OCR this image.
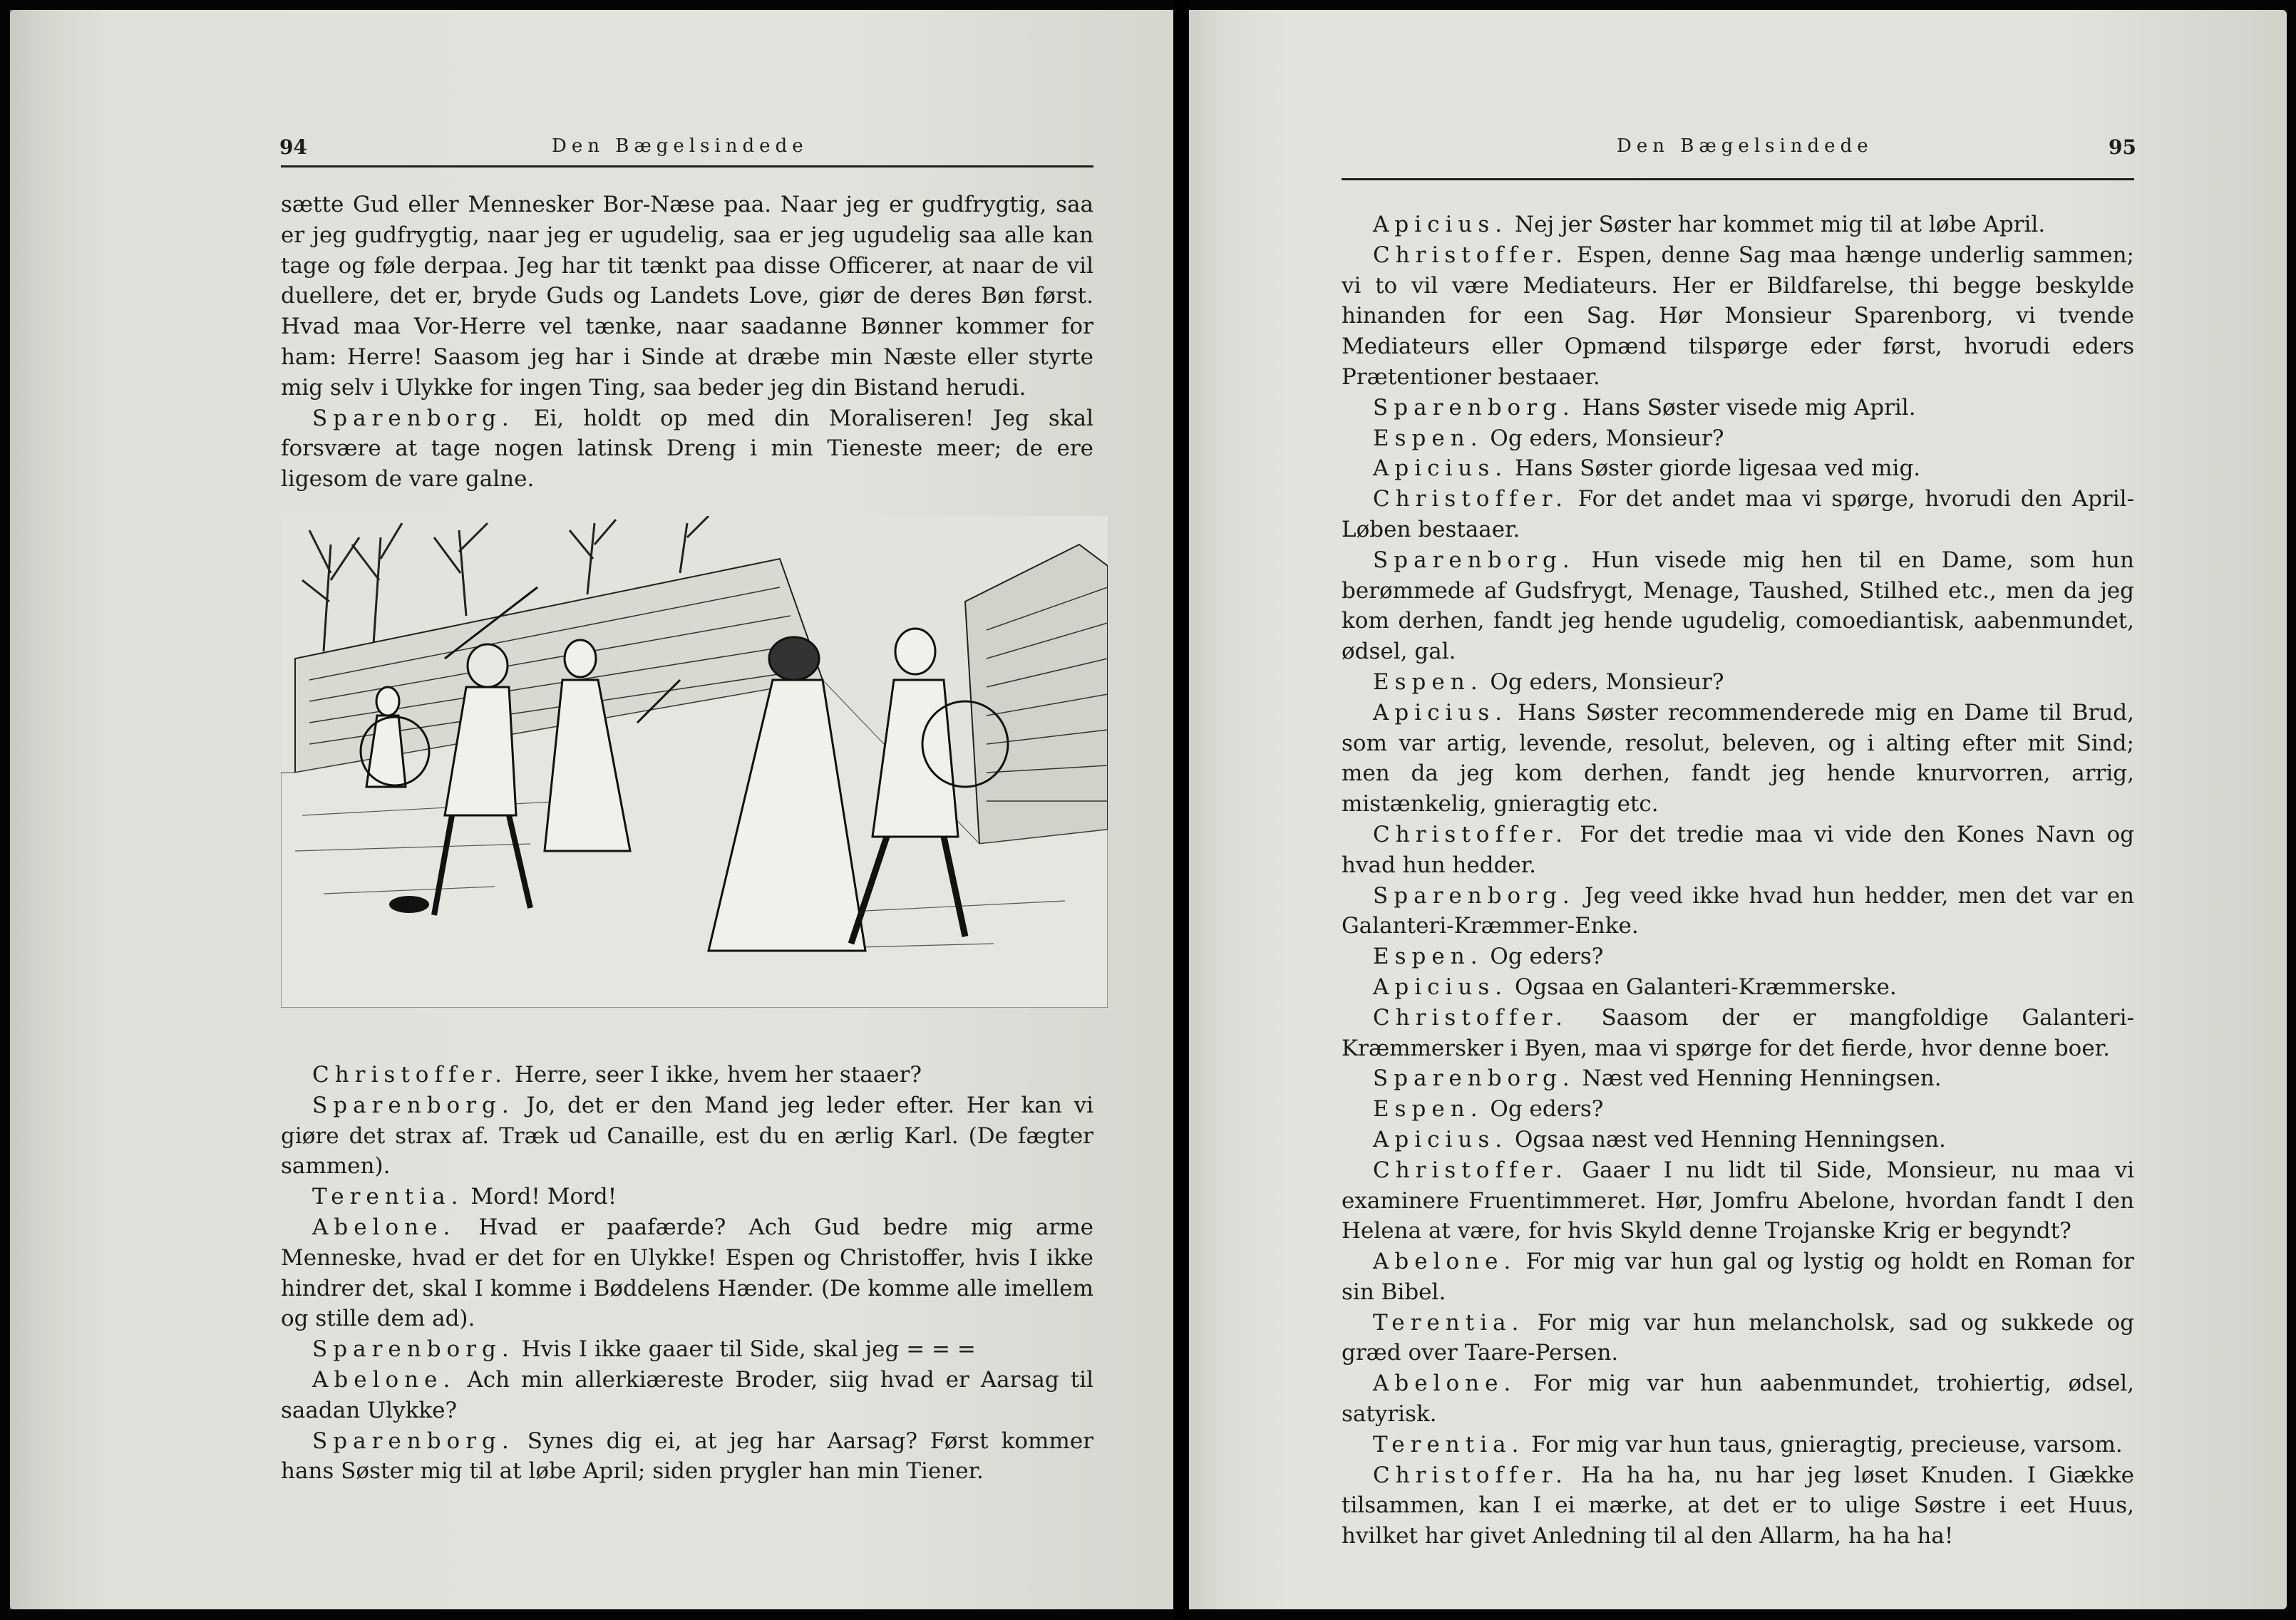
94	Den Bægelsindede

sætte Gud eller Mennesker Bor-Næse paa. Naar jeg er gudfrygtig, saa er jeg gudfrygtig, naar jeg er ugudelig, saa er jeg ugudelig saa alle kan tage og føle derpaa. Jeg har tit tænkt paa disse Officerer, at naar de vil duellere, det er, bryde Guds og Landets Love, giør de deres Bøn først. Hvad maa Vor-Herre vel tænke, naar saadanne Bønner kommer for ham: Herre! Saasom jeg har i Sinde at dræbe min Næste eller styrte mig selv i Ulykke for ingen Ting, saa beder jeg din Bistand herudi.

Sparenborg. Ei, holdt op med din Moraliseren! Jeg skal forsvære at tage nogen latinsk Dreng i min Tieneste meer; de ere ligesom de vare galne.

Christoffer. Herre, seer I ikke, hvem her staaer?

Sparenborg. Jo, det er den Mand jeg leder efter. Her kan vi giøre det strax af. Træk ud Canaille, est du en ærlig Karl. (De fægter sammen).

Terentia. Mord! Mord!

Abelone. Hvad er paafærde? Ach Gud bedre mig arme Menneske, hvad er det for en Ulykke! Espen og Christoffer, hvis I ikke hindrer det, skal I komme i Bøddelens Hænder. (De komme alle imellem og stille dem ad).

Sparenborg. Hvis I ikke gaaer til Side, skal jeg = = =

Abelone. Ach min allerkiæreste Broder, siig hvad er Aarsag til saadan Ulykke?

Sparenborg. Synes dig ei, at jeg har Aarsag? Først kommer hans Søster mig til at løbe April; siden prygler han min Tiener.

Den Bægelsindede	95

Apicius. Nej jer Søster har kommet mig til at løbe April.

Christoffer. Espen, denne Sag maa hænge underlig sammen; vi to vil være Mediateurs. Her er Bildfarelse, thi begge beskylde hinanden for een Sag. Hør Monsieur Sparenborg, vi tvende Mediateurs eller Opmænd tilspørge eder først, hvorudi eders Prætentioner bestaaer.

Sparenborg. Hans Søster visede mig April.

Espen. Og eders, Monsieur?

Apicius. Hans Søster giorde ligesaa ved mig.

Christoffer. For det andet maa vi spørge, hvorudi den April-Løben bestaaer.

Sparenborg. Hun visede mig hen til en Dame, som hun berømmede af Gudsfrygt, Menage, Taushed, Stilhed etc., men da jeg kom derhen, fandt jeg hende ugudelig, comoediantisk, aabenmundet, ødsel, gal.

Espen. Og eders, Monsieur?

Apicius. Hans Søster recommenderede mig en Dame til Brud, som var artig, levende, resolut, beleven, og i alting efter mit Sind; men da jeg kom derhen, fandt jeg hende knurvorren, arrig, mistænkelig, gnieragtig etc.

Christoffer. For det tredie maa vi vide den Kones Navn og hvad hun hedder.

Sparenborg. Jeg veed ikke hvad hun hedder, men det var en Galanteri-Kræmmer-Enke.

Espen. Og eders?

Apicius. Ogsaa en Galanteri-Kræmmerske.

Christoffer. Saasom der er mangfoldige Galanteri-Kræmmersker i Byen, maa vi spørge for det fierde, hvor denne boer.

Sparenborg. Næst ved Henning Henningsen.

Espen. Og eders?

Apicius. Ogsaa næst ved Henning Henningsen.

Christoffer. Gaaer I nu lidt til Side, Monsieur, nu maa vi examinere Fruentimmeret. Hør, Jomfru Abelone, hvordan fandt I den Helena at være, for hvis Skyld denne Trojanske Krig er begyndt?

Abelone. For mig var hun gal og lystig og holdt en Roman for sin Bibel.

Terentia. For mig var hun melancholsk, sad og sukkede og græd over Taare-Persen.

Abelone. For mig var hun aabenmundet, trohiertig, ødsel, satyrisk.

Terentia. For mig var hun taus, gnieragtig, precieuse, varsom.

Christoffer. Ha ha ha, nu har jeg løset Knuden. I Giække tilsammen, kan I ei mærke, at det er to ulige Søstre i eet Huus, hvilket har givet Anledning til al den Allarm, ha ha ha!
